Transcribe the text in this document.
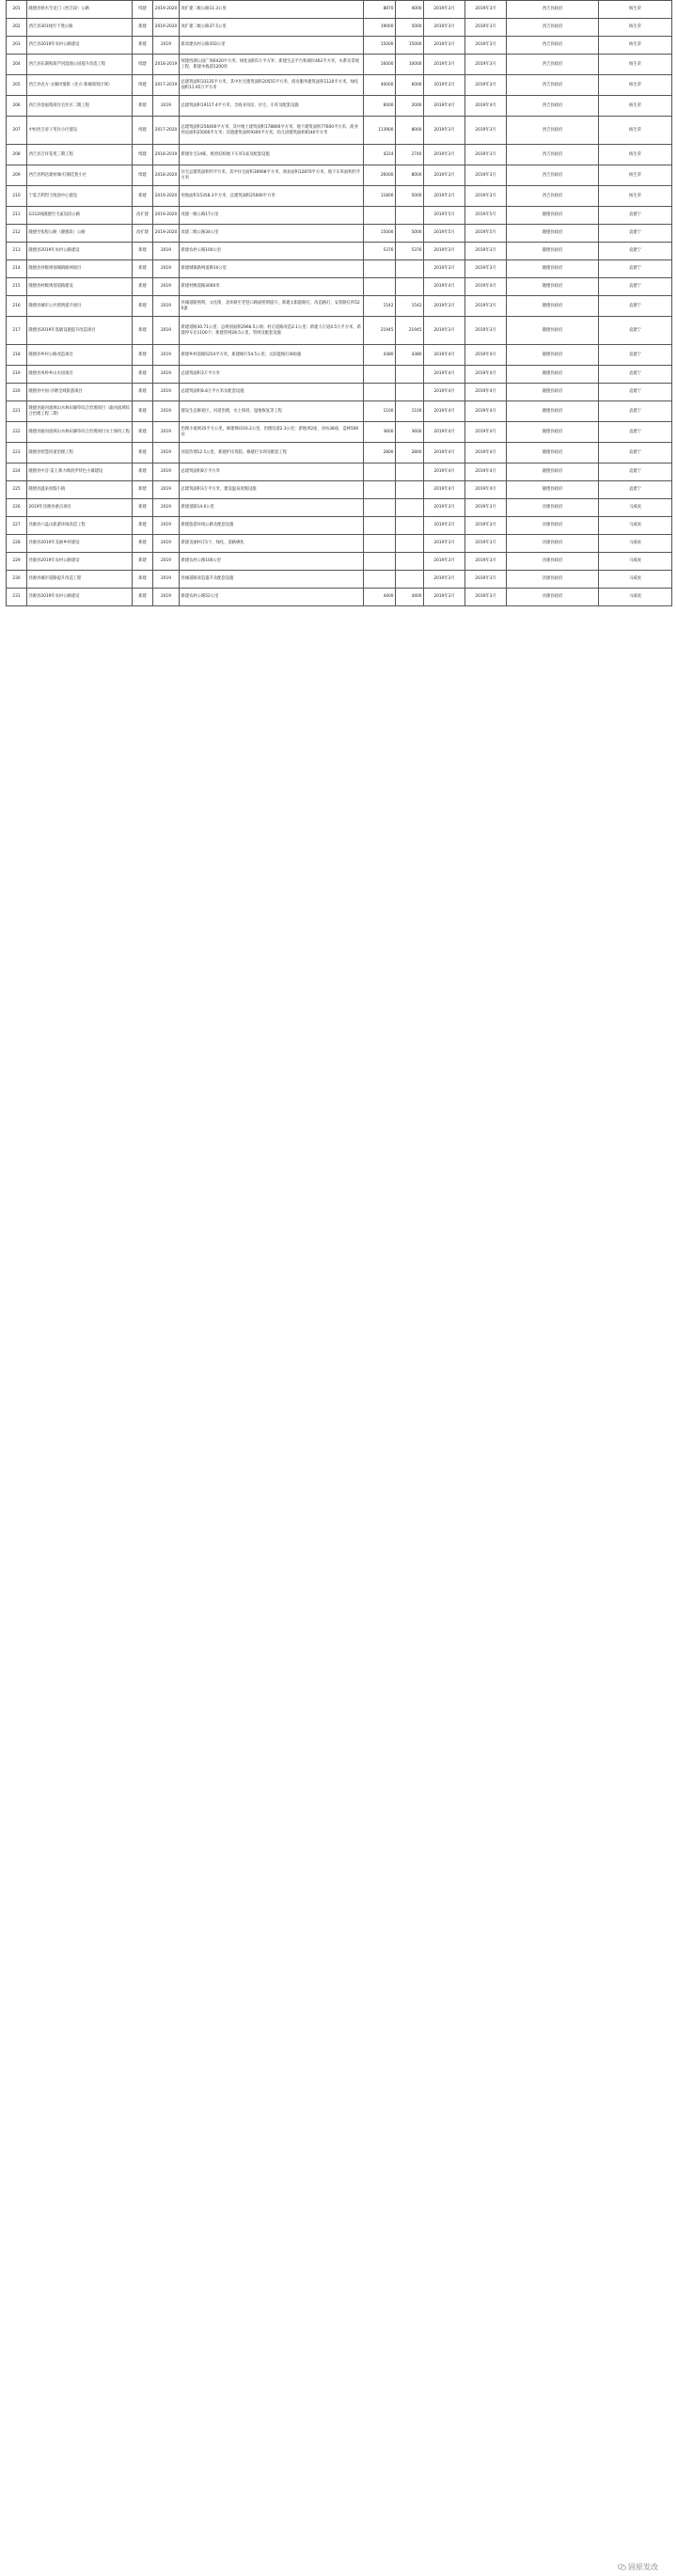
201	隆德县侯水至龙门（西吉段）公路	续建	2019-2020	改扩建二级公路11.3公里	8870	4000	2019年3月	2019年3月	西吉县政府	杨生荣
202	西吉县301线至下堡公路	新建	2019-2020	改扩建二级公路37.5公里	19000	5000	2019年3月	2019年3月	西吉县政府	杨生荣
203	西吉县2019年农村公路建设	新建	2019	新改建农村公路350公里	15000	15000	2019年3月	2019年3月	西吉县政府	杨生荣
204	西吉县东湖和葫芦河湿地公园提升改造工程	续建	2018-2019	续建西湖公园广场6420平方米，绿化面积5万平方米；新建生态平台和湖岸462平方米，水系及景观工程，新建木栈道1200米	16000	10000	2019年3月	2019年3月	西吉县政府	杨生荣
205	西吉县北方·文城风情街（北方·新城商贸区域）	续建	2017-2019	总建筑面积33135平方米，其中住宅建筑面积20555平方米，商业服务建筑面积1120平方米，绿化面积11.95万平方米	40000	6000	2019年3月	2019年3月	西吉县政府	杨生荣
206	西吉县金福苑商住宅住区二期工程	新建	2019	总建筑面积19117.4平方米，含商业用房、住宅、车库及配套设施	6000	2000	2019年4月	2019年4月	西吉县政府	杨生荣
207	中恒西吉府子英住小区建设	续建	2017-2020	总建筑面积256400平方米，其中地上建筑面积178800平方米，地下建筑面积77600平方米，商业用房面积25000平方米；其他建筑面积9300平方米，幼儿园建筑面积6540平方米	113900	8000	2019年3月	2019年3月	西吉县政府	杨生荣
208	西吉县吉祥花苑三期工程	续建	2018-2019	新建住宅14栋，框剪结构地下车库1座及配套设施	4224	2740	2019年3月	2019年3月	西吉县政府	杨生荣
209	西吉县利达建材城·红阁佳苑小区	续建	2018-2020	住宅总建筑面积约平方米，其中住宅面积36908平方米，商业面积12870平方米，地下车库面积约平方米	26000	8000	2019年3月	2019年3月	西吉县政府	杨生荣
210	宁夏吉利烈士陵园中心建设	新建	2019-2020	用地面积15358.3平方米，总建筑面积25000平方米	11800	5000	2019年3月	2019年3月	西吉县政府	杨生荣
211	G312线隆德至毛家沟段公路	改扩建	2019-2020	改建一级公路17公里			2019年5月	2019年5月	隆德县政府	袁建宁
212	隆德至张程公路（隆德段）公路	改扩建	2019-2020	改建二级公路34公里	15000	5000	2019年5月	2019年5月	隆德县政府	袁建宁
213	隆德县2019年农村公路建设	新建	2019	新建农村公路100公里	5376	5376	2019年3月	2019年3月	隆德县政府	袁建宁
214	隆德县县级规划城镇路网项目	新建	2019	新建城镇路网道路10公里			2019年3月	2019年3月	隆德县政府	袁建宁
215	隆德县村级规划道路建设	新建	2019	新建村级道路3000米			2019年4月	2019年4月	隆德县政府	袁建宁
216	隆德县城市公共照明提升项目	新建	2019	县城道路照明，文化街、北环路至老巷口路面照明提升，新建太阳能路灯，改造路灯，安装路灯约520盏	1542	1542	2019年3月	2019年3月	隆德县政府	袁建宁
217	隆德县2019年基础设施提升改造项目	新建	2019	新建道路30.71公里；总规划面积2966.5公顷；村庄道路改造2.1公里；新建人行道4.5万平方米，新建停车位1100个；新建管网28.5公里，管网及配套设施	21945	21945	2019年3月	2019年3月	隆德县政府	袁建宁
218	隆德县乡村公路改造项目	新建	2019	新建乡村道路5254平方米，新建路灯54.5公里；太阳能路灯400盏	4380	4380	2019年4月	2019年4月	隆德县政府	袁建宁
219	隆德县凤岭乡山水园项目	新建	2019	总建筑面积3万平方米			2019年4月	2019年4月	隆德县政府	袁建宁
220	隆德县中国·沙塘全域旅游项目	新建	2019	总建筑面积8.8万平方米及配套设施			2019年4月	2019年4月	隆德县政府	袁建宁
221	隆德县渝河流域山水林田湖草综合治理项目（渝河流域综合治理工程二期）	新建	2019	建设生态修复区，河道治理，水土保持，湿地恢复等工程	1100	1100	2019年4月	2019年4月	隆德县政府	袁建宁
222	隆德县渝河流域山水林田湖草综合治理项目水土保持工程	新建	2019	治理小流域35平方公里，修建梯田10.2公里，治理沟道2.3公里；淤地坝2座，谷坊38座，造林500亩	3600	3600	2019年4月	2019年4月	隆德县政府	袁建宁
223	隆德县智慧河道治理工程	新建	2019	河道治理12.5公里，新建护岸堤防，修建拦水坝及配套工程	2800	2800	2019年4月	2019年4月	隆德县政府	袁建宁
224	隆德县中音·雷王寨大峰滑步特色小镇建设	新建	2019	总建筑面积8万平方米			2019年4月	2019年4月	隆德县政府	袁建宁
225	隆德县温泉度假小镇	新建	2019	总建筑面积3万平方米，建设温泉度假设施			2019年4月	2019年4月	隆德县政府	袁建宁
226	2019年泾源县重点项目	新建	2019	新建道路14.6公里			2019年3月	2019年3月	泾源县政府	马威虎
227	泾源县六盘山旅游环线改造工程	新建	2019	新建旅游环线公路及配套设施			2019年3月	2019年3月	泾源县政府	马威虎
228	泾源县2019年美丽乡村建设	新建	2019	新建美丽村庄5个，绿化，道路硬化			2019年3月	2019年3月	泾源县政府	马威虎
229	泾源县2019年农村公路建设	新建	2019	新建农村公路100公里			2019年3月	2019年3月	泾源县政府	马威虎
230	泾源县城市道路提升改造工程	新建	2019	县城道路改造提升及配套设施			2019年3月	2019年3月	泾源县政府	马威虎
231	泾源县2019年农村公路建设	新建	2019	新建农村公路52公里	4400	4400	2019年3月	2019年3月	泾源县政府	马威虎
固原发改
